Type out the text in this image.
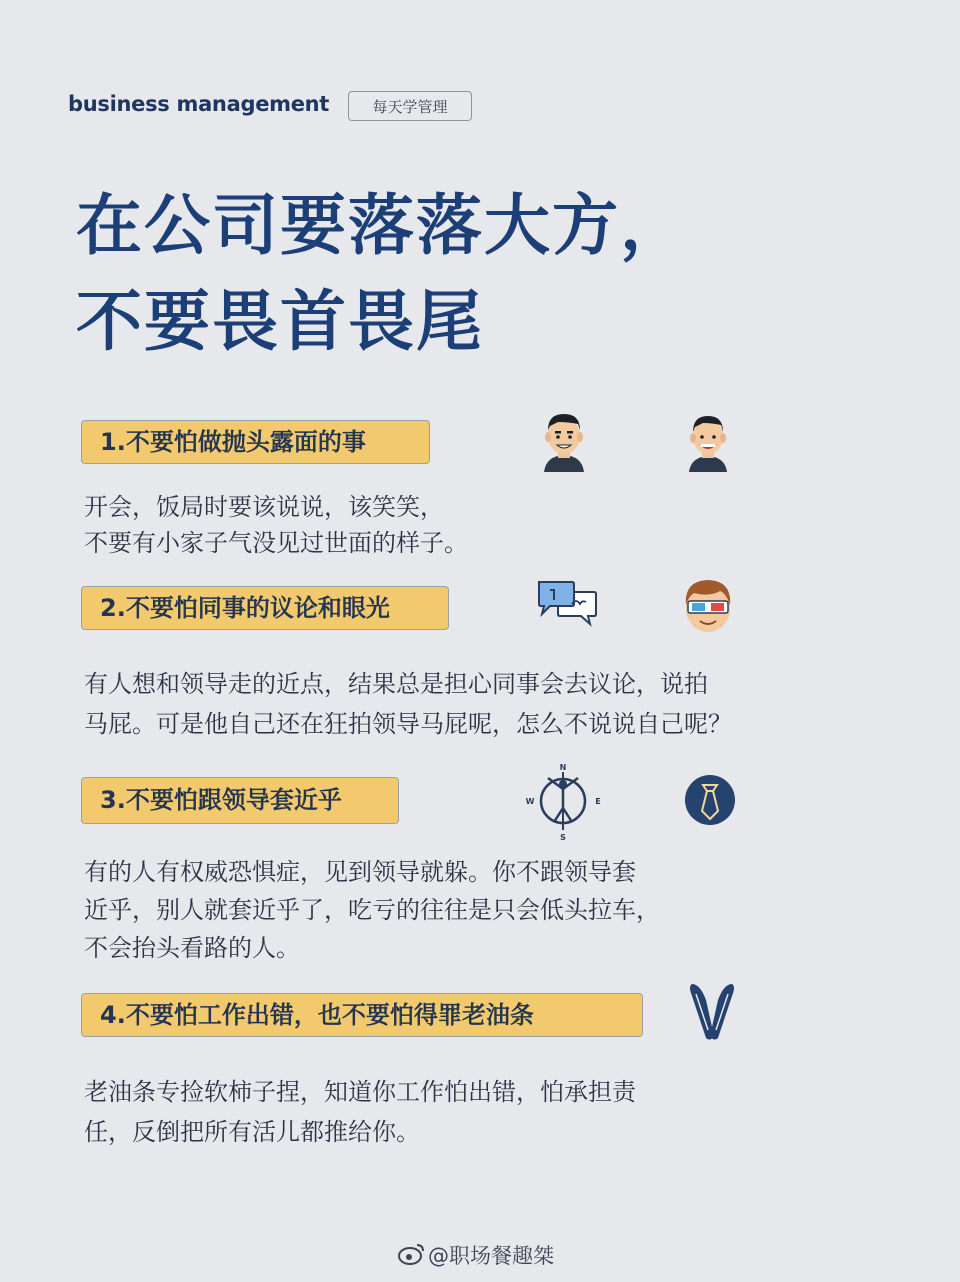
business management	每天学管理
在公司要落落大方，
不要畏首畏尾
1.不要怕做抛头露面的事
开会，饭局时要该说说，该笑笑，
不要有小家子气没见过世面的样子。
2.不要怕同事的议论和眼光
有人想和领导走的近点，结果总是担心同事会去议论，说拍
马屁。可是他自己还在狂拍领导马屁呢，怎么不说说自己呢？
3.不要怕跟领导套近乎
有的人有权威恐惧症，见到领导就躲。你不跟领导套
近乎，别人就套近乎了，吃亏的往往是只会低头拉车，
不会抬头看路的人。
N
S
W	E
4.不要怕工作出错，也不要怕得罪老油条
老油条专捡软柿子捏，知道你工作怕出错，怕承担责
任，反倒把所有活儿都推给你。
@职场餐趣桀
